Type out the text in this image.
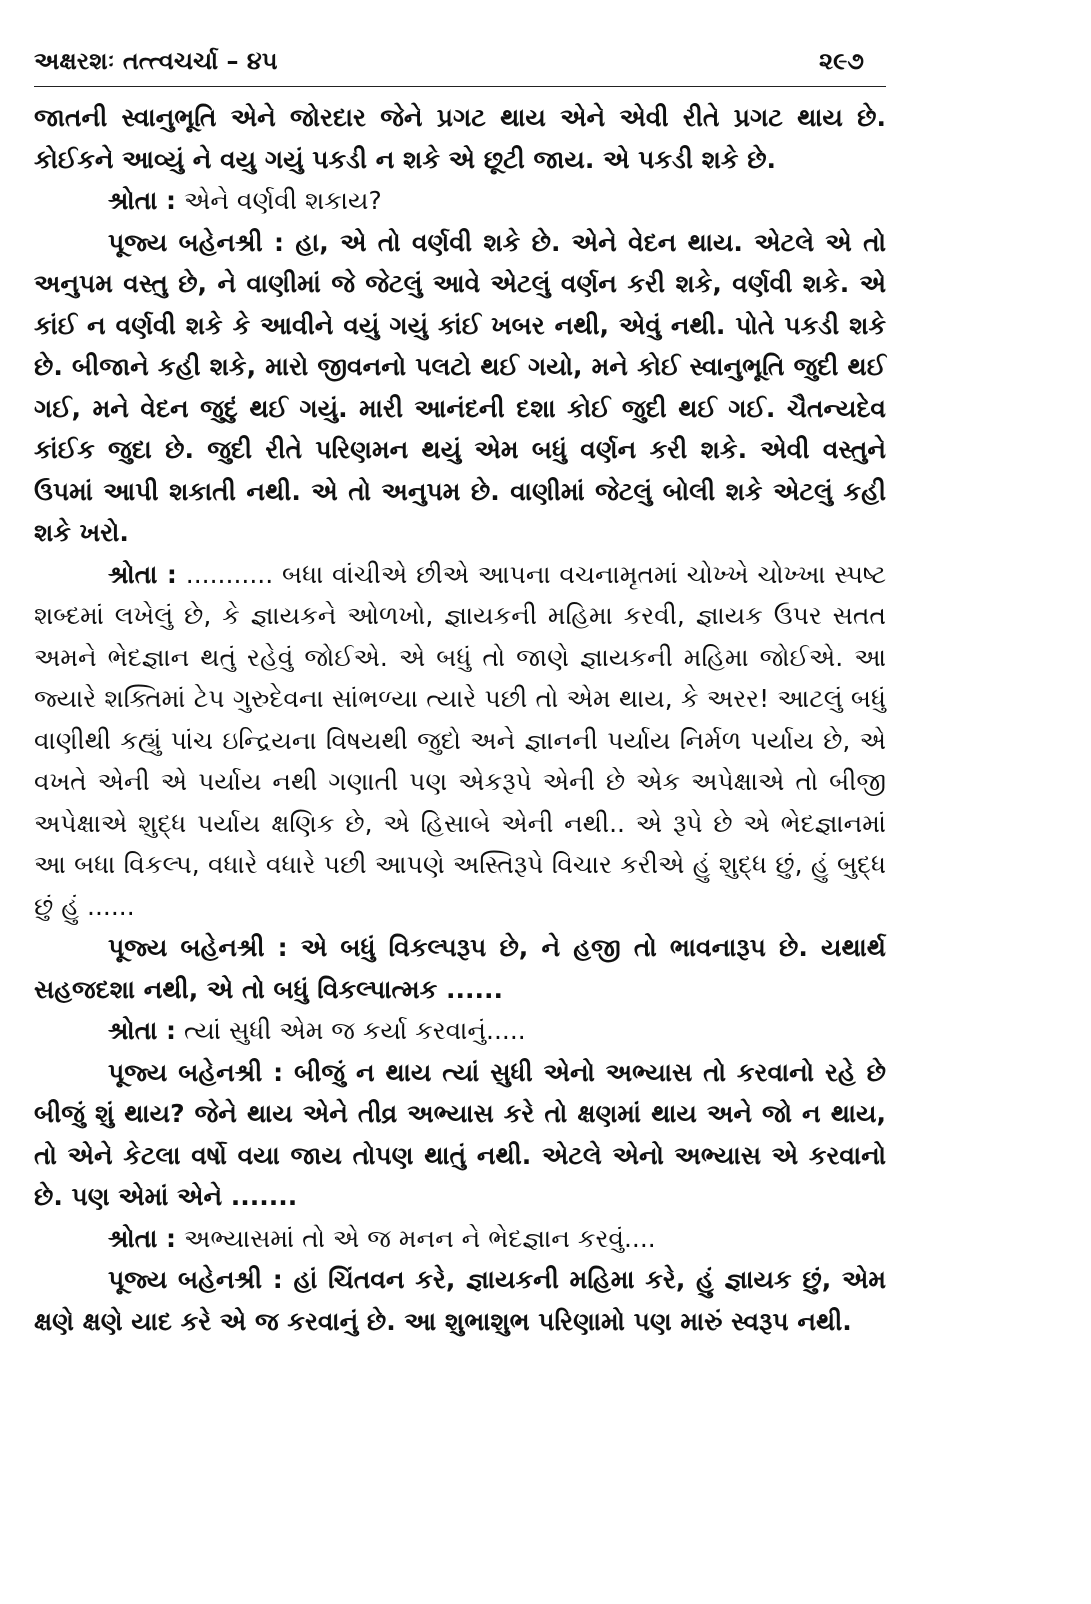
અક્ષરશઃ તત્ત્વચર્ચા – ૪૫	૨૯૭

જાતની સ્વાનુભૂતિ એને જોરદાર જેને પ્રગટ થાય એને એવી રીતે પ્રગટ થાય છે. કોઈકને આવ્યું ને વયુ ગયું પકડી ન શકે એ છૂટી જાય. એ પકડી શકે છે.

શ્રોતા : એને વર્ણવી શકાય?

પૂજ્ય બહેનશ્રી : હા, એ તો વર્ણવી શકે છે. એને વેદન થાય. એટલે એ તો અનુપમ વસ્તુ છે, ને વાણીમાં જે જેટલું આવે એટલું વર્ણન કરી શકે, વર્ણવી શકે. એ કાંઈ ન વર્ણવી શકે કે આવીને વયું ગયું કાંઈ ખબર નથી, એવું નથી. પોતે પકડી શકે છે. બીજાને કહી શકે, મારો જીવનનો પલટો થઈ ગયો, મને કોઈ સ્વાનુભૂતિ જુદી થઈ ગઈ, મને વેદન જુદું થઈ ગયું. મારી આનંદની દશા કોઈ જુદી થઈ ગઈ. ચૈતન્યદેવ કાંઈક જુદા છે. જુદી રીતે પરિણમન થયું એમ બધું વર્ણન કરી શકે. એવી વસ્તુને ઉપમાં આપી શકાતી નથી. એ તો અનુપમ છે. વાણીમાં જેટલું બોલી શકે એટલું કહી શકે ખરો.

શ્રોતા : ........... બધા વાંચીએ છીએ આપના વચનામૃતમાં ચોખ્ખે ચોખ્ખા સ્પષ્ટ શબ્દમાં લખેલું છે, કે જ્ઞાયકને ઓળખો, જ્ઞાયકની મહિમા કરવી, જ્ઞાયક ઉપર સતત અમને ભેદજ્ઞાન થતું રહેવું જોઈએ. એ બધું તો જાણે જ્ઞાયકની મહિમા જોઈએ. આ જ્યારે શક્તિમાં ટેપ ગુરુદેવના સાંભળ્યા ત્યારે પછી તો એમ થાય, કે અરર! આટલું બધું વાણીથી કહ્યું પાંચ ઇન્દ્રિયના વિષયથી જુદો અને જ્ઞાનની પર્યાય નિર્મળ પર્યાય છે, એ વખતે એની એ પર્યાય નથી ગણાતી પણ એકરૂપે એની છે એક અપેક્ષાએ તો બીજી અપેક્ષાએ શુદ્ધ પર્યાય ક્ષણિક છે, એ હિસાબે એની નથી.. એ રૂપે છે એ ભેદજ્ઞાનમાં આ બધા વિકલ્પ, વધારે વધારે પછી આપણે અસ્તિરૂપે વિચાર કરીએ હું શુદ્ધ છું, હું બુદ્ધ છું હું ......

પૂજ્ય બહેનશ્રી : એ બધું વિકલ્પરૂપ છે, ને હજી તો ભાવનારૂપ છે. યથાર્થ સહજદશા નથી, એ તો બધું વિકલ્પાત્મક ......

શ્રોતા : ત્યાં સુધી એમ જ કર્યા કરવાનું.....

પૂજ્ય બહેનશ્રી : બીજું ન થાય ત્યાં સુધી એનો અભ્યાસ તો કરવાનો રહે છે બીજું શું થાય? જેને થાય એને તીવ્ર અભ્યાસ કરે તો ક્ષણમાં થાય અને જો ન થાય, તો એને કેટલા વર્ષો વયા જાય તોપણ થાતું નથી. એટલે એનો અભ્યાસ એ કરવાનો છે. પણ એમાં એને .......

શ્રોતા : અભ્યાસમાં તો એ જ મનન ને ભેદજ્ઞાન કરવું....

પૂજ્ય બહેનશ્રી : હાં ચિંતવન કરે, જ્ઞાયકની મહિમા કરે, હું જ્ઞાયક છું, એમ ક્ષણે ક્ષણે યાદ કરે એ જ કરવાનું છે. આ શુભાશુભ પરિણામો પણ મારું સ્વરૂપ નથી.
